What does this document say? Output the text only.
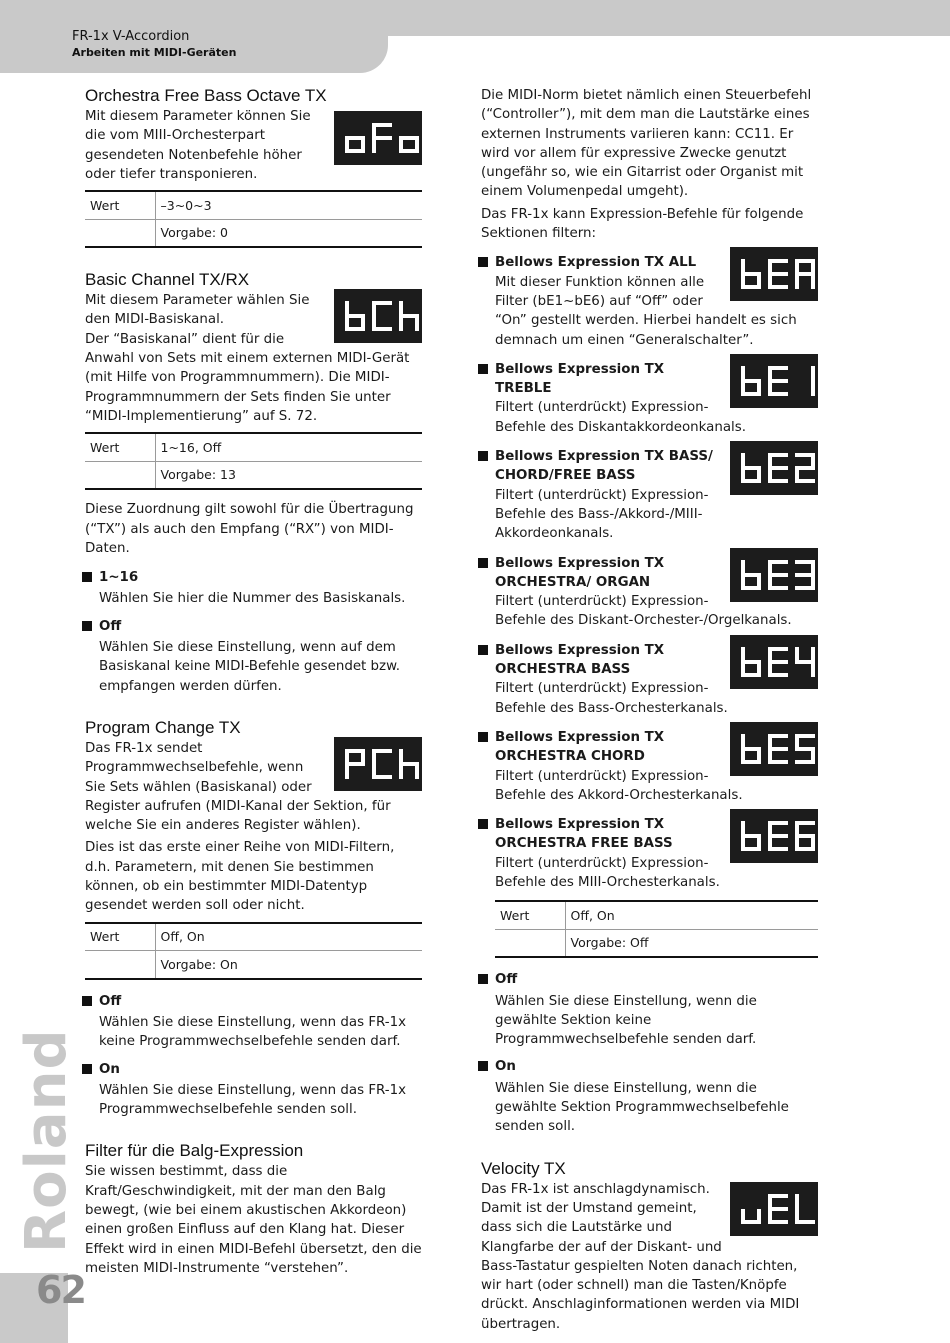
FR-1x V-Accordion
Arbeiten mit MIDI-Geräten
Roland
62
Orchestra Free Bass Octave TX

Mit diesem Parameter können Sie die vom MIII-Orchesterpart gesendeten Notenbefehle höher oder tiefer transponieren.

Wert	–3~0~3
	Vorgabe: 0
Basic Channel TX/RX

Mit diesem Parameter wählen Sie den MIDI-Basiskanal.

Der “Basiskanal” dient für die Anwahl von Sets mit einem externen MIDI-Gerät (mit Hilfe von Programmnummern). Die MIDI-Programmnummern der Sets finden Sie unter “MIDI-Implementierung” auf S. 72.

Wert	1~16, Off
	Vorgabe: 13

Diese Zuordnung gilt sowohl für die Übertragung (“TX”) als auch den Empfang (“RX”) von MIDI-Daten.

1~16
Wählen Sie hier die Nummer des Basiskanals.
Off
Wählen Sie diese Einstellung, wenn auf dem Basiskanal keine MIDI-Befehle gesendet bzw. empfangen werden dürfen.
Program Change TX

Das FR-1x sendet Programmwechselbefehle, wenn Sie Sets wählen (Basiskanal) oder Register aufrufen (MIDI-Kanal der Sektion, für welche Sie ein anderes Register wählen).

Dies ist das erste einer Reihe von MIDI-Filtern, d.h. Parametern, mit denen Sie bestimmen können, ob ein bestimmter MIDI-Datentyp gesendet werden soll oder nicht.

Wert	Off, On
	Vorgabe: On
Off
Wählen Sie diese Einstellung, wenn das FR-1x keine Programmwechselbefehle senden darf.
On
Wählen Sie diese Einstellung, wenn das FR-1x Programmwechselbefehle senden soll.
Filter für die Balg-Expression

Sie wissen bestimmt, dass die Kraft/Geschwindigkeit, mit der man den Balg bewegt, (wie bei einem akustischen Akkordeon) einen großen Einfluss auf den Klang hat. Dieser Effekt wird in einen MIDI-Befehl übersetzt, den die meisten MIDI-Instrumente “verstehen”.

Die MIDI-Norm bietet nämlich einen Steuerbefehl (“Controller”), mit dem man die Lautstärke eines externen Instruments variieren kann: CC11. Er wird vor allem für expressive Zwecke genutzt (ungefähr so, wie ein Gitarrist oder Organist mit einem Volumenpedal umgeht).

Das FR-1x kann Expression-Befehle für folgende Sektionen filtern:

Bellows Expression TX ALL
Mit dieser Funktion können alle Filter (bE1~bE6) auf “Off” oder “On” gestellt werden. Hierbei handelt es sich demnach um einen “Generalschalter”.
Bellows Expression TX TREBLE
Filtert (unterdrückt) Expression-Befehle des Diskantakkordeonkanals.
Bellows Expression TX BASS/ CHORD/FREE BASS
Filtert (unterdrückt) Expression-Befehle des Bass-/Akkord-/MIII-Akkordeonkanals.
Bellows Expression TX ORCHESTRA/ ORGAN
Filtert (unterdrückt) Expression-Befehle des Diskant-Orchester-/Orgelkanals.
Bellows Expression TX ORCHESTRA BASS
Filtert (unterdrückt) Expression-Befehle des Bass-Orchesterkanals.
Bellows Expression TX ORCHESTRA CHORD
Filtert (unterdrückt) Expression-Befehle des Akkord-Orchesterkanals.
Bellows Expression TX ORCHESTRA FREE BASS
Filtert (unterdrückt) Expression-Befehle des MIII-Orchesterkanals.
Wert	Off, On
	Vorgabe: Off
Off
Wählen Sie diese Einstellung, wenn die gewählte Sektion keine Programmwechselbefehle senden darf.
On
Wählen Sie diese Einstellung, wenn die gewählte Sektion Programmwechselbefehle senden soll.
Velocity TX

Das FR-1x ist anschlagdynamisch. Damit ist der Umstand gemeint, dass sich die Lautstärke und Klangfarbe der auf der Diskant- und Bass-Tastatur gespielten Noten danach richten, wir hart (oder schnell) man die Tasten/Knöpfe drückt. Anschlaginformationen werden via MIDI übertragen.
